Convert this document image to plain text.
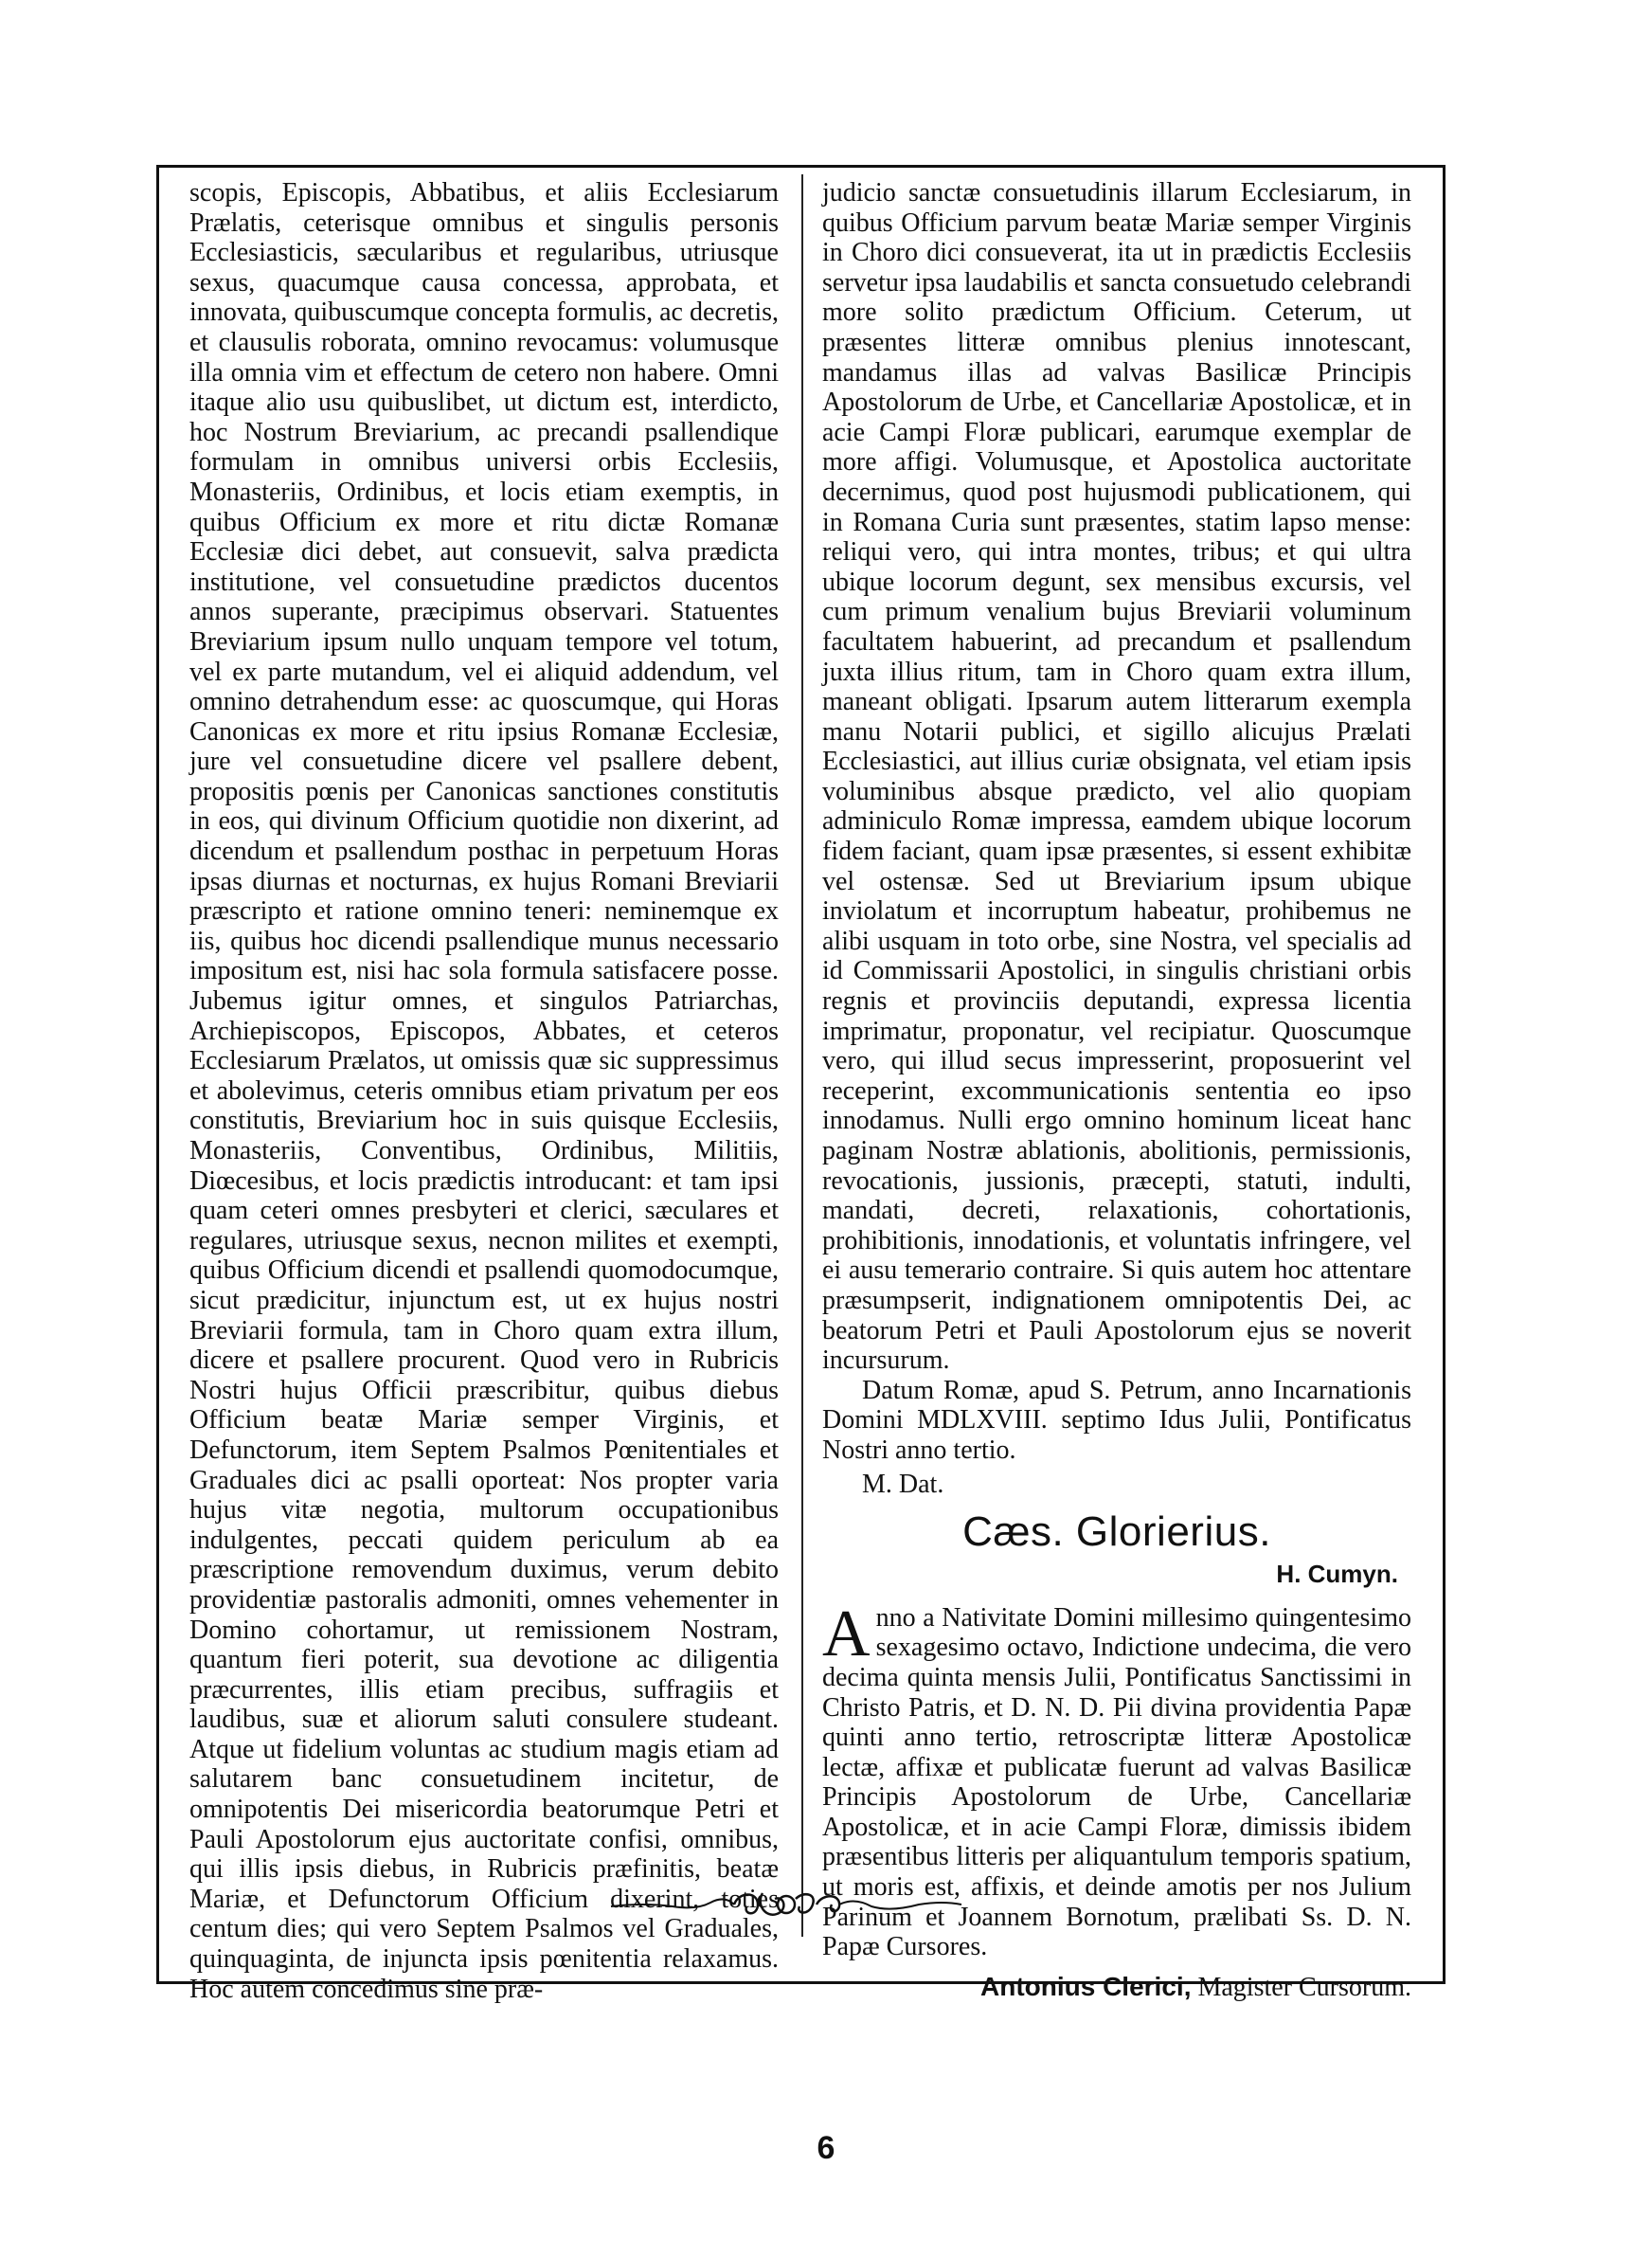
scopis, Episcopis, Abbatibus, et aliis Ecclesiarum Prælatis, ceterisque omnibus et singulis personis Ecclesiasticis, sæcularibus et regularibus, utriusque sexus, quacumque causa concessa, approbata, et innovata, quibuscumque concepta formulis, ac decretis, et clausulis roborata, omnino revocamus: volumusque illa omnia vim et effectum de cetero non habere. Omni itaque alio usu quibuslibet, ut dictum est, interdicto, hoc Nostrum Breviarium, ac precandi psallendique formulam in omnibus universi orbis Ecclesiis, Monasteriis, Ordinibus, et locis etiam exemptis, in quibus Officium ex more et ritu dictæ Romanæ Ecclesiæ dici debet, aut consuevit, salva prædicta institutione, vel consuetudine prædictos ducentos annos superante, præcipimus observari. Statuentes Breviarium ipsum nullo unquam tempore vel totum, vel ex parte mutandum, vel ei aliquid addendum, vel omnino detrahendum esse: ac quoscumque, qui Horas Canonicas ex more et ritu ipsius Romanæ Ecclesiæ, jure vel consuetudine dicere vel psallere debent, propositis pœnis per Canonicas sanctiones constitutis in eos, qui divinum Officium quotidie non dixerint, ad dicendum et psallendum posthac in perpetuum Horas ipsas diurnas et nocturnas, ex hujus Romani Breviarii præscripto et ratione omnino teneri: neminemque ex iis, quibus hoc dicendi psallendique munus necessario impositum est, nisi hac sola formula satisfacere posse. Jubemus igitur omnes, et singulos Patriarchas, Archiepiscopos, Episcopos, Abbates, et ceteros Ecclesiarum Prælatos, ut omissis quæ sic suppressimus et abolevimus, ceteris omnibus etiam privatum per eos constitutis, Breviarium hoc in suis quisque Ecclesiis, Monasteriis, Conventibus, Ordinibus, Militiis, Diœcesibus, et locis prædictis introducant: et tam ipsi quam ceteri omnes presbyteri et clerici, sæculares et regulares, utriusque sexus, necnon milites et exempti, quibus Officium dicendi et psallendi quomodocumque, sicut prædicitur, injunctum est, ut ex hujus nostri Breviarii formula, tam in Choro quam extra illum, dicere et psallere procurent. Quod vero in Rubricis Nostri hujus Officii præscribitur, quibus diebus Officium beatæ Mariæ semper Virginis, et Defunctorum, item Septem Psalmos Pœnitentiales et Graduales dici ac psalli oporteat: Nos propter varia hujus vitæ negotia, multorum occupationibus indulgentes, peccati quidem periculum ab ea præscriptione removendum duximus, verum debito providentiæ pastoralis admoniti, omnes vehementer in Domino cohortamur, ut remissionem Nostram, quantum fieri poterit, sua devotione ac diligentia præcurrentes, illis etiam precibus, suffragiis et laudibus, suæ et aliorum saluti consulere studeant. Atque ut fidelium voluntas ac studium magis etiam ad salutarem banc consuetudinem incitetur, de omnipotentis Dei misericordia beatorumque Petri et Pauli Apostolorum ejus auctoritate confisi, omnibus, qui illis ipsis diebus, in Rubricis præfinitis, beatæ Mariæ, et Defunctorum Officium dixerint, toties centum dies; qui vero Septem Psalmos vel Graduales, quinquaginta, de injuncta ipsis pœnitentia relaxamus. Hoc autem concedimus sine præ-

judicio sanctæ consuetudinis illarum Ecclesiarum, in quibus Officium parvum beatæ Mariæ semper Virginis in Choro dici consueverat, ita ut in prædictis Ecclesiis servetur ipsa laudabilis et sancta consuetudo celebrandi more solito prædictum Officium. Ceterum, ut præsentes litteræ omnibus plenius innotescant, mandamus illas ad valvas Basilicæ Principis Apostolorum de Urbe, et Cancellariæ Apostolicæ, et in acie Campi Floræ publicari, earumque exemplar de more affigi. Volumusque, et Apostolica auctoritate decernimus, quod post hujusmodi publicationem, qui in Romana Curia sunt præsentes, statim lapso mense: reliqui vero, qui intra montes, tribus; et qui ultra ubique locorum degunt, sex mensibus excursis, vel cum primum venalium bujus Breviarii voluminum facultatem habuerint, ad precandum et psallendum juxta illius ritum, tam in Choro quam extra illum, maneant obligati. Ipsarum autem litterarum exempla manu Notarii publici, et sigillo alicujus Prælati Ecclesiastici, aut illius curiæ obsignata, vel etiam ipsis voluminibus absque prædicto, vel alio quopiam adminiculo Romæ impressa, eamdem ubique locorum fidem faciant, quam ipsæ præsentes, si essent exhibitæ vel ostensæ. Sed ut Breviarium ipsum ubique inviolatum et incorruptum habeatur, prohibemus ne alibi usquam in toto orbe, sine Nostra, vel specialis ad id Commissarii Apostolici, in singulis christiani orbis regnis et provinciis deputandi, expressa licentia imprimatur, proponatur, vel recipiatur. Quoscumque vero, qui illud secus impresserint, proposuerint vel receperint, excommunicationis sententia eo ipso innodamus. Nulli ergo omnino hominum liceat hanc paginam Nostræ ablationis, abolitionis, permissionis, revocationis, jussionis, præcepti, statuti, indulti, mandati, decreti, relaxationis, cohortationis, prohibitionis, innodationis, et voluntatis infringere, vel ei ausu temerario contraire. Si quis autem hoc attentare præsumpserit, indignationem omnipotentis Dei, ac beatorum Petri et Pauli Apostolorum ejus se noverit incursurum.

Datum Romæ, apud S. Petrum, anno Incarnationis Domini MDLXVIII. septimo Idus Julii, Pontificatus Nostri anno tertio.

M. Dat.

Cæs. Glorierius.

H. Cumyn.

Anno a Nativitate Domini millesimo quingentesimo sexagesimo octavo, Indictione undecima, die vero decima quinta mensis Julii, Pontificatus Sanctissimi in Christo Patris, et D. N. D. Pii divina providentia Papæ quinti anno tertio, retroscriptæ litteræ Apostolicæ lectæ, affixæ et publicatæ fuerunt ad valvas Basilicæ Principis Apostolorum de Urbe, Cancellariæ Apostolicæ, et in acie Campi Floræ, dimissis ibidem præsentibus litteris per aliquantulum temporis spatium, ut moris est, affixis, et deinde amotis per nos Julium Parinum et Joannem Bornotum, prælibati Ss. D. N. Papæ Cursores.

Antonius Clerici, Magister Cursorum.

6
